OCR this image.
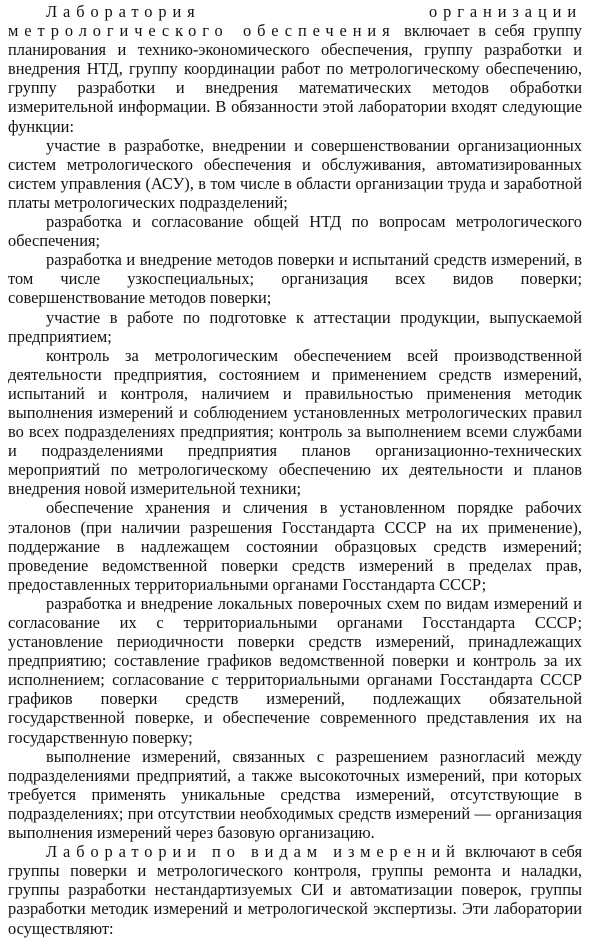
Лаборатория организации метрологического обеспечения включает в себя группу планирования и технико-экономического обеспечения, группу разработки и внедрения НТД, группу координации работ по метрологическому обеспечению, группу разработки и внедрения математических методов обработки измерительной информации. В обязанности этой лаборатории входят следующие функции:

участие в разработке, внедрении и совершенствовании организационных систем метрологического обеспечения и обслуживания, автоматизированных систем управления (АСУ), в том числе в области организации труда и заработной платы метрологических подразделений;

разработка и согласование общей НТД по вопросам метрологического обеспечения;

разработка и внедрение методов поверки и испытаний средств измерений, в том числе узкоспециальных; организация всех видов поверки; совершенствование методов поверки;

участие в работе по подготовке к аттестации продукции, выпускаемой предприятием;

контроль за метрологическим обеспечением всей производственной деятельности предприятия, состоянием и применением средств измерений, испытаний и контроля, наличием и правильностью применения методик выполнения измерений и соблюдением установленных метрологических правил во всех подразделениях предприятия; контроль за выполнением всеми службами и подразделениями предприятия планов организационно-технических мероприятий по метрологическому обеспечению их деятельности и планов внедрения новой измерительной техники;

обеспечение хранения и сличения в установленном порядке рабочих эталонов (при наличии разрешения Госстандарта СССР на их применение), поддержание в надлежащем состоянии образцовых средств измерений; проведение ведомственной поверки средств измерений в пределах прав, предоставленных территориальными органами Госстандарта СССР;

разработка и внедрение локальных поверочных схем по видам измерений и согласование их с территориальными органами Госстандарта СССР; установление периодичности поверки средств измерений, принадлежащих предприятию; составление графиков ведомственной поверки и контроль за их исполнением; согласование с территориальными органами Госстандарта СССР графиков поверки средств измерений, подлежащих обязательной государственной поверке, и обеспечение современного представления их на государственную поверку;

выполнение измерений, связанных с разрешением разногласий между подразделениями предприятий, а также высокоточных измерений, при которых требуется применять уникальные средства измерений, отсутствующие в подразделениях; при отсутствии необходимых средств измерений — организация выполнения измерений через базовую организацию.

Лаборатории по видам измерений включают в себя группы поверки и метрологического контроля, группы ремонта и наладки, группы разработки нестандартизуемых СИ и автоматизации поверок, группы разработки методик измерений и метрологической экспертизы. Эти лаборатории осуществляют:
